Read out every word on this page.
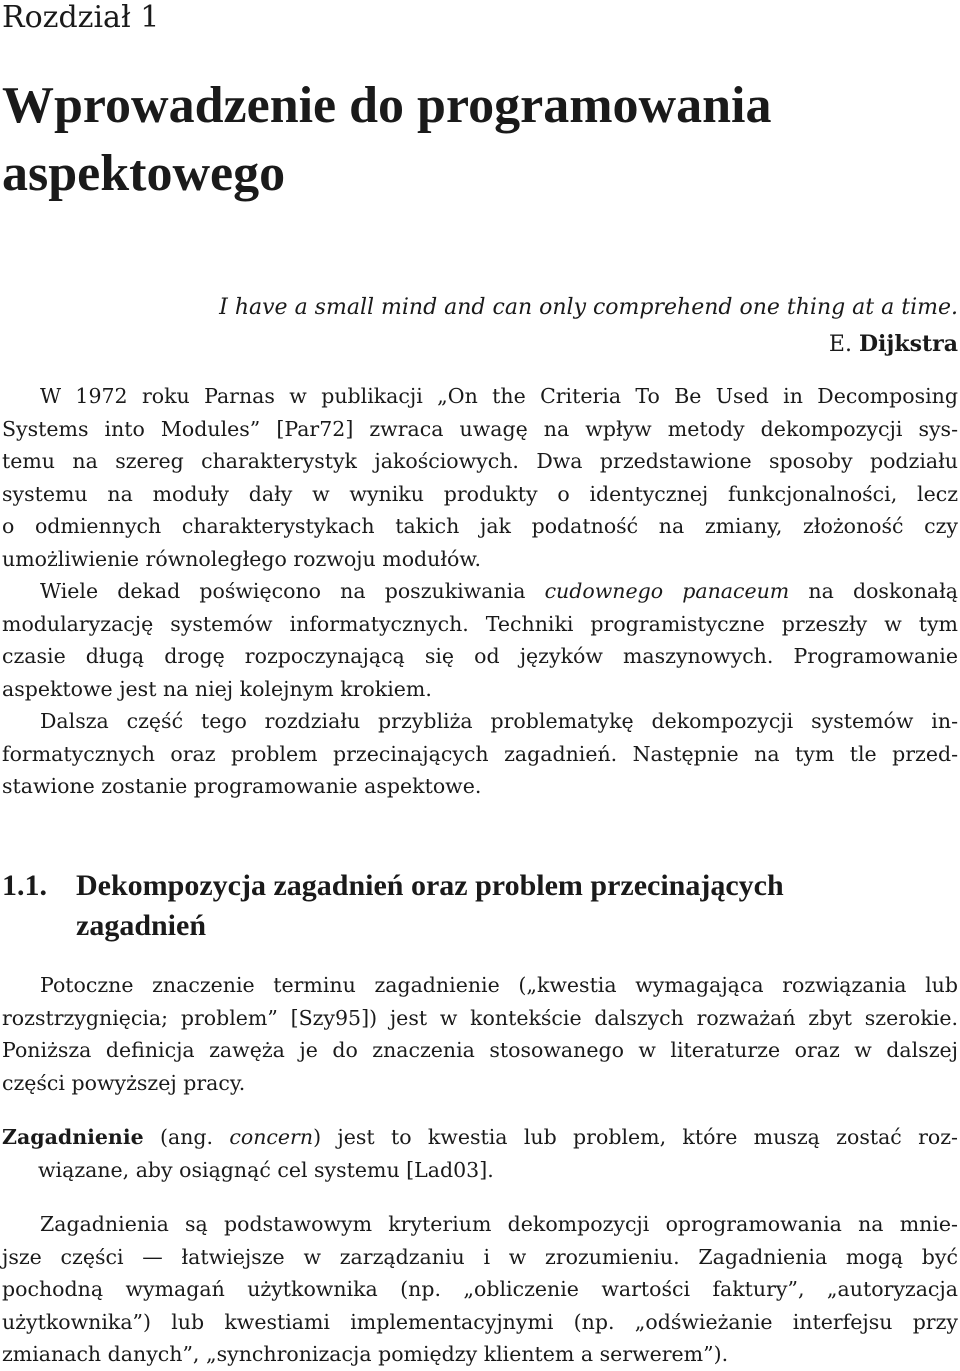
Rozdział 1
Wprowadzenie do programowania
aspektowego
I have a small mind and can only comprehend one thing at a time.
E. Dijkstra
W 1972 roku Parnas w publikacji „On the Criteria To Be Used in Decomposing
Systems into Modules” [Par72] zwraca uwagę na wpływ metody dekompozycji sys-
temu na szereg charakterystyk jakościowych. Dwa przedstawione sposoby podziału
systemu na moduły dały w wyniku produkty o identycznej funkcjonalności, lecz
o odmiennych charakterystykach takich jak podatność na zmiany, złożoność czy
umożliwienie równoległego rozwoju modułów.
Wiele dekad poświęcono na poszukiwania cudownego panaceum na doskonałą
modularyzację systemów informatycznych. Techniki programistyczne przeszły w tym
czasie długą drogę rozpoczynającą się od języków maszynowych. Programowanie
aspektowe jest na niej kolejnym krokiem.
Dalsza część tego rozdziału przybliża problematykę dekompozycji systemów in-
formatycznych oraz problem przecinających zagadnień. Następnie na tym tle przed-
stawione zostanie programowanie aspektowe.
1.1. Dekompozycja zagadnień oraz problem przecinających
zagadnień
Potoczne znaczenie terminu zagadnienie („kwestia wymagająca rozwiązania lub
rozstrzygnięcia; problem” [Szy95]) jest w kontekście dalszych rozważań zbyt szerokie.
Poniższa definicja zawęża je do znaczenia stosowanego w literaturze oraz w dalszej
części powyższej pracy.
Zagadnienie (ang. concern) jest to kwestia lub problem, które muszą zostać roz-
wiązane, aby osiągnąć cel systemu [Lad03].
Zagadnienia są podstawowym kryterium dekompozycji oprogramowania na mnie-
jsze części — łatwiejsze w zarządzaniu i w zrozumieniu. Zagadnienia mogą być
pochodną wymagań użytkownika (np. „obliczenie wartości faktury”, „autoryzacja
użytkownika”) lub kwestiami implementacyjnymi (np. „odświeżanie interfejsu przy
zmianach danych”, „synchronizacja pomiędzy klientem a serwerem”).
